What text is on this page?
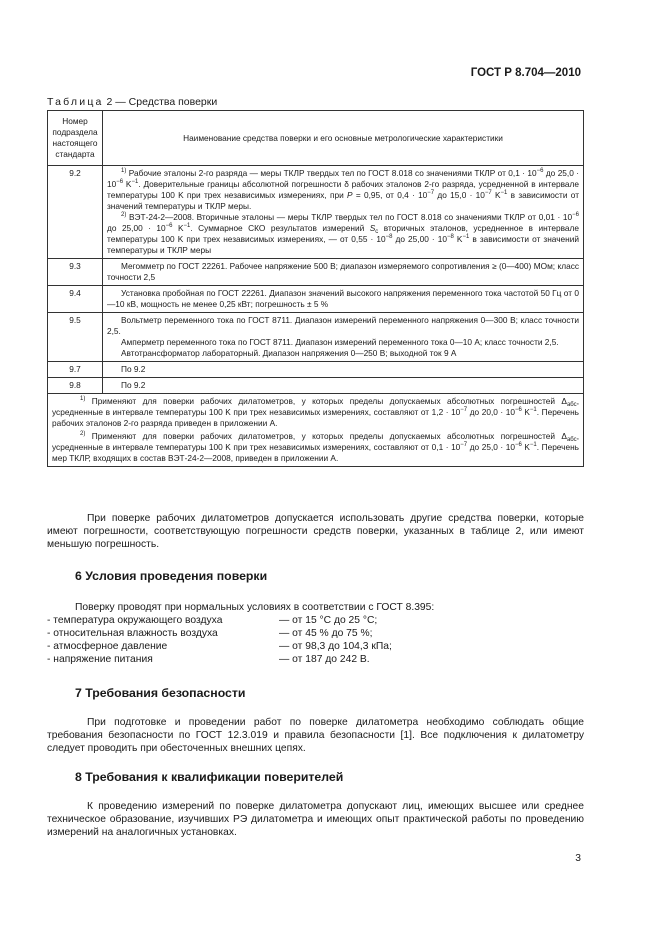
ГОСТ Р 8.704—2010
Таблица 2 — Средства поверки
Номер подраздела настоящего стандарта	Наименование средства поверки и его основные метрологические характеристики
9.2	$^{1)}$ Рабочие эталоны 2-го разряда — меры ТКЛР твердых тел по ГОСТ 8.018 со значениями ТКЛР от $0,1 \cdot 10^{-6}$ до $25,0 \cdot 10^{-6}$ $K^{-1}$. Доверительные границы абсолютной погрешности δ рабочих эталонов 2-го разряда, усредненной в интервале температуры 100 K при трех независимых измерениях, при P = 0,95, от $0,4 \cdot 10^{-7}$ до $15,0 \cdot 10^{-7}$ $K^{-1}$ в зависимости от значений температуры и ТКЛР меры.

$^{2)}$ ВЭТ-24-2—2008. Вторичные эталоны — меры ТКЛР твердых тел по ГОСТ 8.018 со значениями ТКЛР от $0,01 \cdot 10^{-6}$ до $25,00 \cdot 10^{-6}$ $K^{-1}$. Суммарное СКО результатов измерений $S_c$ вторичных эталонов, усредненное в интервале температуры 100 K при трех независимых измерениях, — от $0,55 \cdot 10^{-8}$ до $25,00 \cdot 10^{-8}$ $K^{-1}$ в зависимости от значений температуры и ТКЛР меры

9.3	Мегомметр по ГОСТ 22261. Рабочее напряжение 500 В; диапазон измеряемого сопротивления ≥ (0—400) МОм; класс точности 2,5

9.4	Установка пробойная по ГОСТ 22261. Диапазон значений высокого напряжения переменного тока частотой 50 Гц от 0—10 кВ, мощность не менее 0,25 кВт; погрешность ± 5 %

9.5	Вольтметр переменного тока по ГОСТ 8711. Диапазон измерений переменного напряжения 0—300 В; класс точности 2,5.

Амперметр переменного тока по ГОСТ 8711. Диапазон измерений переменного тока 0—10 А; класс точности 2,5.

Автотрансформатор лабораторный. Диапазон напряжения 0—250 В; выходной ток 9 А

9.7	По 9.2

9.8	По 9.2

$^{1)}$ Применяют для поверки рабочих дилатометров, у которых пределы допускаемых абсолютных погрешностей $\Delta_{абс}$, усредненные в интервале температуры 100 K при трех независимых измерениях, составляют от $1,2 \cdot 10^{-7}$ до $20,0 \cdot 10^{-6}$ $K^{-1}$. Перечень рабочих эталонов 2-го разряда приведен в приложении А.

$^{2)}$ Применяют для поверки рабочих дилатометров, у которых пределы допускаемых абсолютных погрешностей $\Delta_{абс}$, усредненные в интервале температуры 100 K при трех независимых измерениях, составляют от $0,1 \cdot 10^{-7}$ до $25,0 \cdot 10^{-6}$ $K^{-1}$. Перечень мер ТКЛР, входящих в состав ВЭТ-24-2—2008, приведен в приложении А.	

При поверке рабочих дилатометров допускается использовать другие средства поверки, которые имеют погрешности, соответствующую погрешности средств поверки, указанных в таблице 2, или имеют меньшую погрешность.

6 Условия проведения поверки

Поверку проводят при нормальных условиях в соответствии с ГОСТ 8.395:

- температура окружающего воздуха	— от 15 °С до 25 °С;
- относительная влажность воздуха	— от 45 % до 75 %;
- атмосферное давление	— от 98,3 до 104,3 кПа;
- напряжение питания	— от 187 до 242 В.
7 Требования безопасности

При подготовке и проведении работ по поверке дилатометра необходимо соблюдать общие требования безопасности по ГОСТ 12.3.019 и правила безопасности [1]. Все подключения к дилатометру следует проводить при обесточенных внешних цепях.

8 Требования к квалификации поверителей

К проведению измерений по поверке дилатометра допускают лиц, имеющих высшее или среднее техническое образование, изучивших РЭ дилатометра и имеющих опыт практической работы по проведению измерений на аналогичных установках.

3
